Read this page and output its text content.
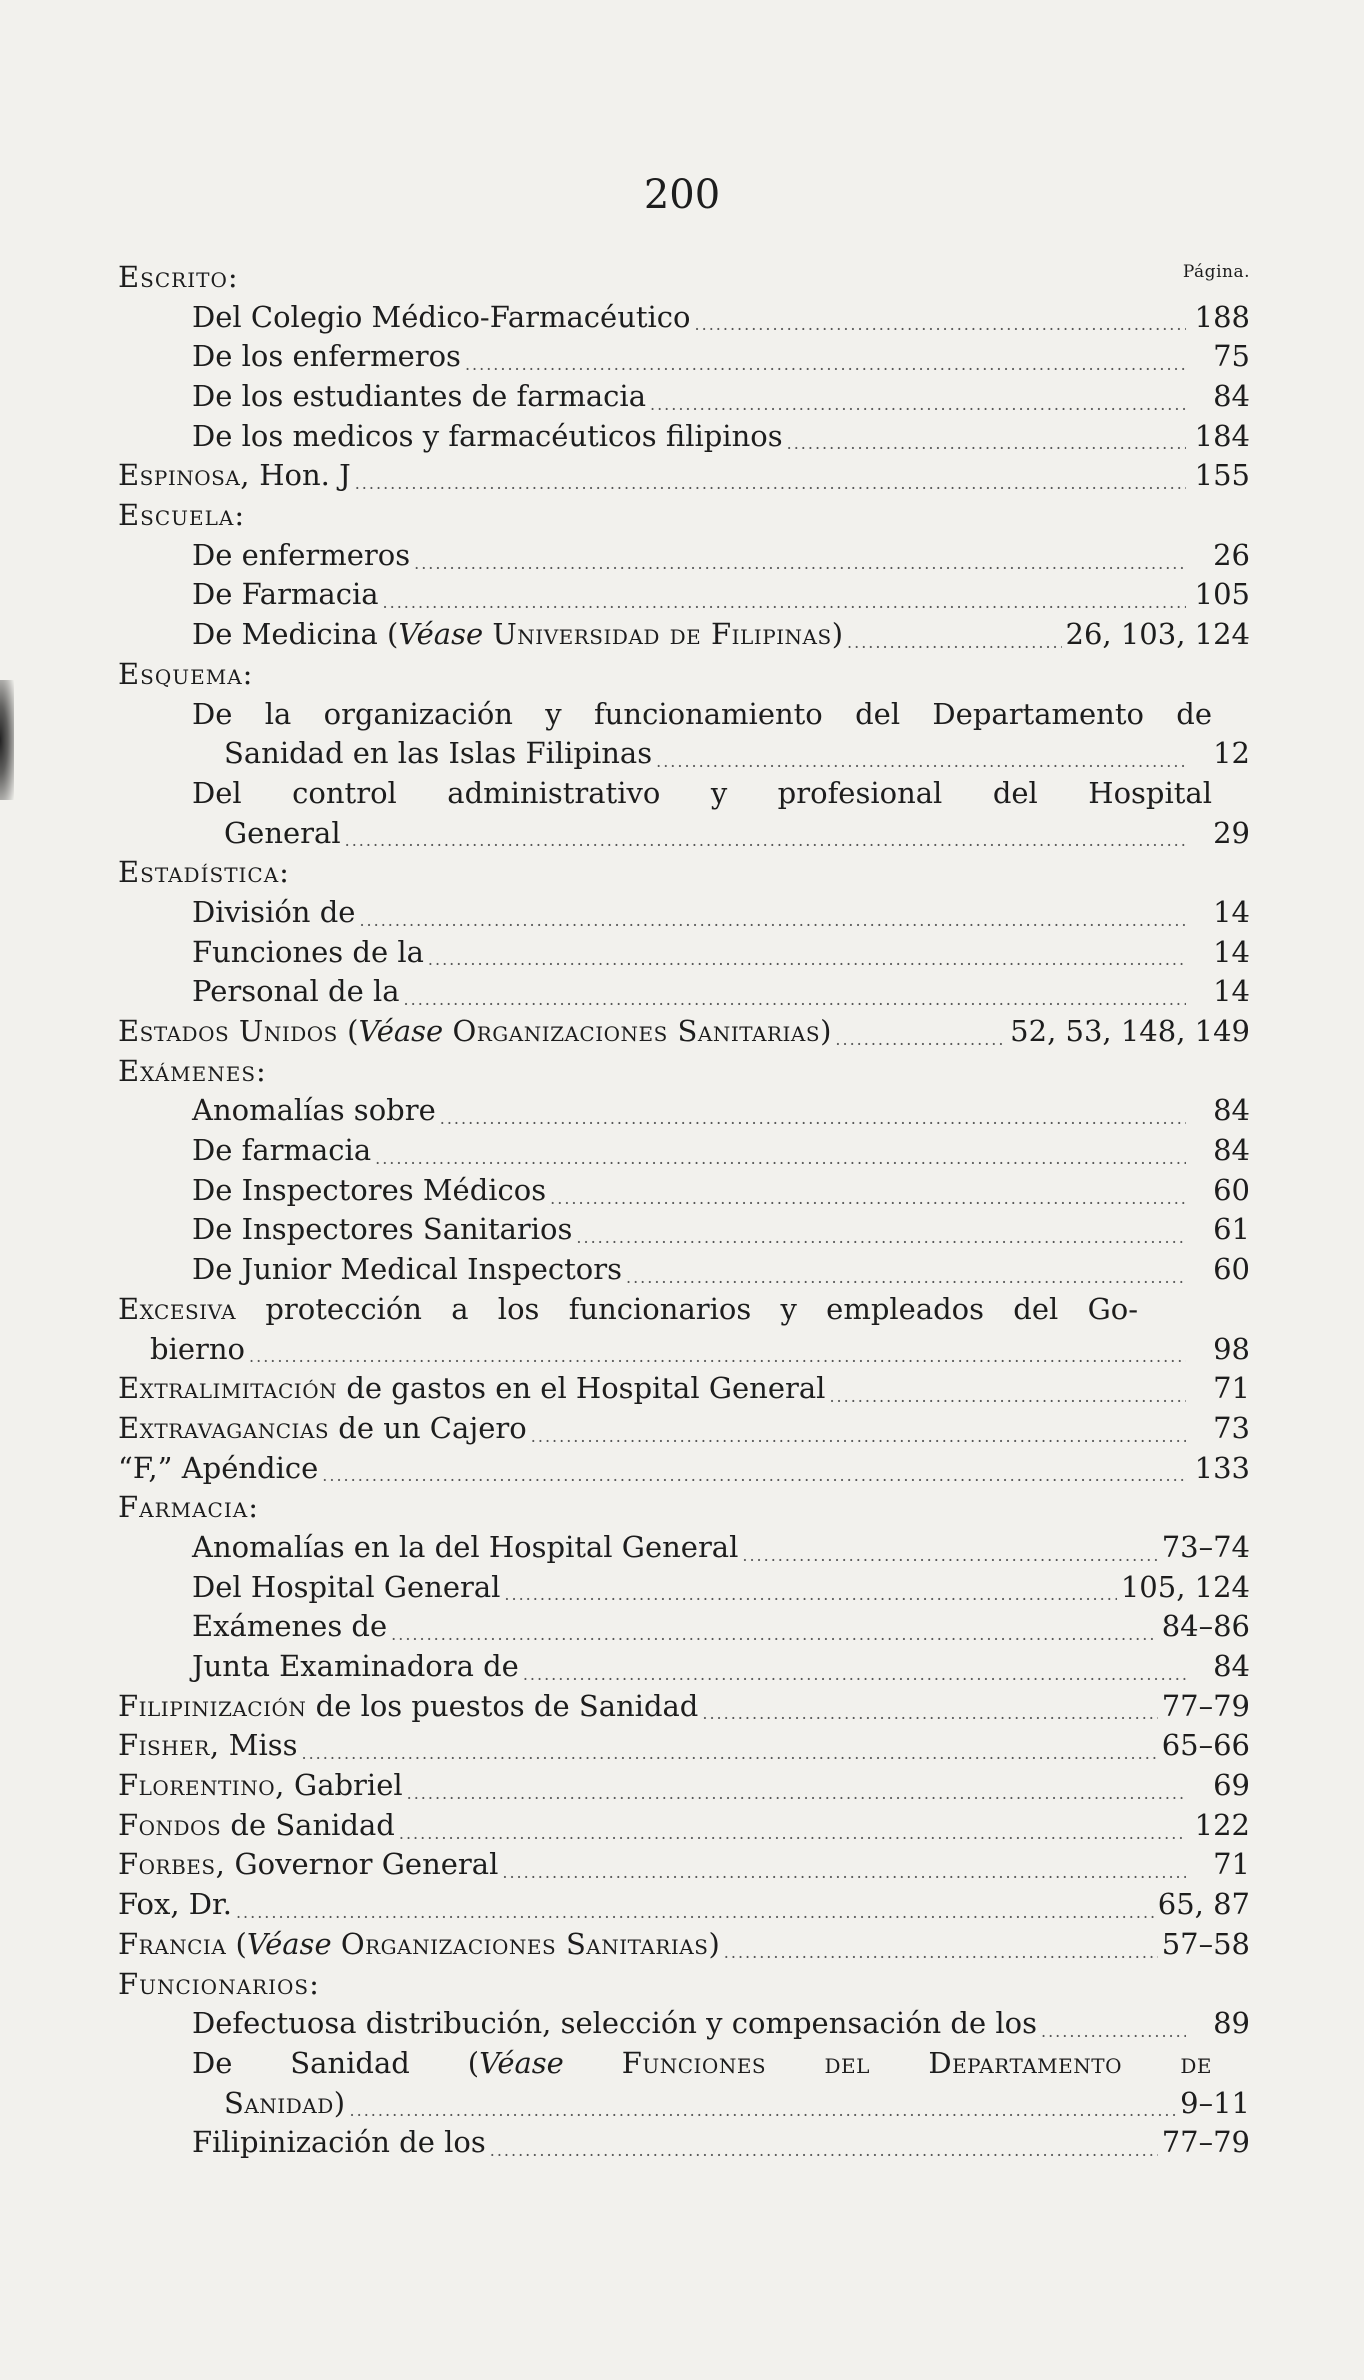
200
Página.
Escrito:
Del Colegio Médico-Farmacéutico .....	188
De los enfermeros .....	75
De los estudiantes de farmacia .....	84
De los medicos y farmacéuticos filipinos .....	184
Espinosa, Hon. J .....	155
Escuela:
De enfermeros .....	26
De Farmacia .....	105
De Medicina (Véase Universidad de Filipinas) .....	26, 103, 124
Esquema:
De la organización y funcionamiento del Departamento de
Sanidad en las Islas Filipinas .....	12
Del control administrativo y profesional del Hospital
General .....	29
Estadística:
División de .....	14
Funciones de la .....	14
Personal de la .....	14
Estados Unidos (Véase Organizaciones Sanitarias) .....	52, 53, 148, 149
Exámenes:
Anomalías sobre .....	84
De farmacia .....	84
De Inspectores Médicos .....	60
De Inspectores Sanitarios .....	61
De Junior Medical Inspectors .....	60
Excesiva protección a los funcionarios y empleados del Go-
bierno .....	98
Extralimitación de gastos en el Hospital General .....	71
Extravagancias de un Cajero .....	73
“F,” Apéndice .....	133
Farmacia:
Anomalías en la del Hospital General .....	73–74
Del Hospital General .....	105, 124
Exámenes de .....	84–86
Junta Examinadora de .....	84
Filipinización de los puestos de Sanidad .....	77–79
Fisher, Miss .....	65–66
Florentino, Gabriel .....	69
Fondos de Sanidad .....	122
Forbes, Governor General .....	71
Fox, Dr. .....	65, 87
Francia (Véase Organizaciones Sanitarias) .....	57–58
Funcionarios:
Defectuosa distribución, selección y compensación de los .....	89
De Sanidad (Véase Funciones del Departamento de
Sanidad) .....	9–11
Filipinización de los .....	77–79
